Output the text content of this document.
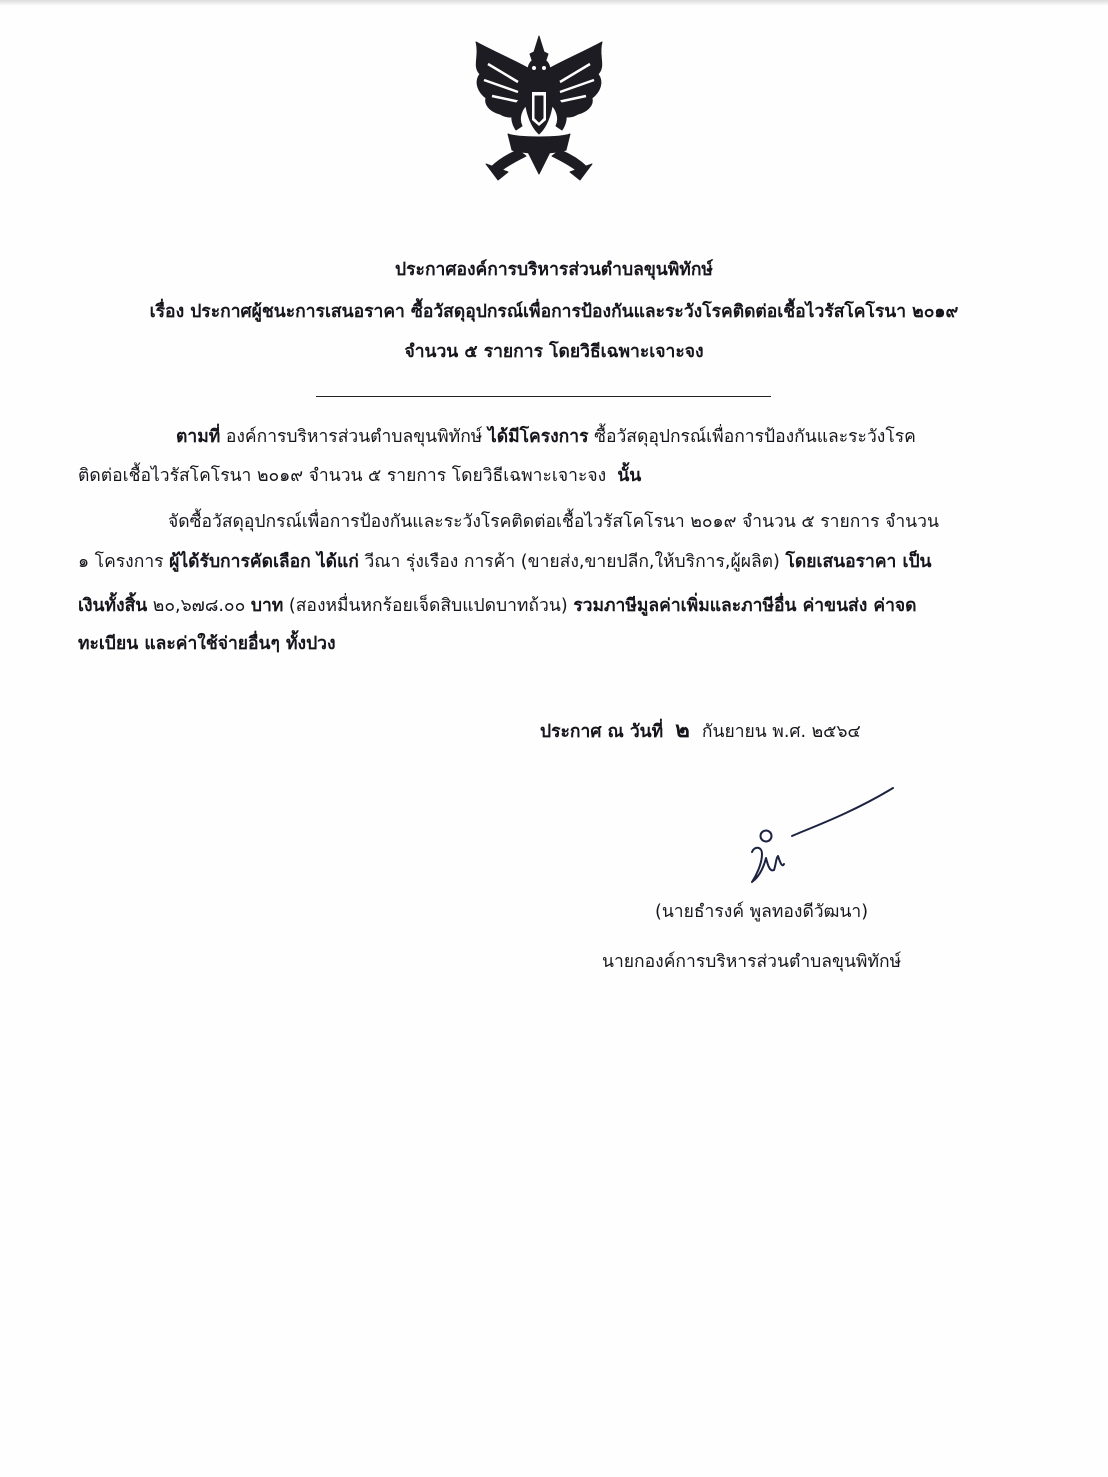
ประกาศองค์การบริหารส่วนตำบลขุนพิทักษ์
เรื่อง ประกาศผู้ชนะการเสนอราคา ซื้อวัสดุอุปกรณ์เพื่อการป้องกันและระวังโรคติดต่อเชื้อไวรัสโคโรนา ๒๐๑๙
จำนวน ๕ รายการ โดยวิธีเฉพาะเจาะจง
ตามที่ องค์การบริหารส่วนตำบลขุนพิทักษ์ ได้มีโครงการ ซื้อวัสดุอุปกรณ์เพื่อการป้องกันและระวังโรค
ติดต่อเชื้อไวรัสโคโรนา ๒๐๑๙ จำนวน ๕ รายการ โดยวิธีเฉพาะเจาะจง นั้น
จัดซื้อวัสดุอุปกรณ์เพื่อการป้องกันและระวังโรคติดต่อเชื้อไวรัสโคโรนา ๒๐๑๙ จำนวน ๕ รายการ จำนวน
๑ โครงการ ผู้ได้รับการคัดเลือก ได้แก่ วีณา รุ่งเรือง การค้า (ขายส่ง,ขายปลีก,ให้บริการ,ผู้ผลิต) โดยเสนอราคา เป็น
เงินทั้งสิ้น ๒๐,๖๗๘.๐๐ บาท (สองหมื่นหกร้อยเจ็ดสิบแปดบาทถ้วน) รวมภาษีมูลค่าเพิ่มและภาษีอื่น ค่าขนส่ง ค่าจด
ทะเบียน และค่าใช้จ่ายอื่นๆ ทั้งปวง
ประกาศ ณ วันที่ ๒ กันยายน พ.ศ. ๒๕๖๔
(นายธำรงค์ พูลทองดีวัฒนา)
นายกองค์การบริหารส่วนตำบลขุนพิทักษ์
